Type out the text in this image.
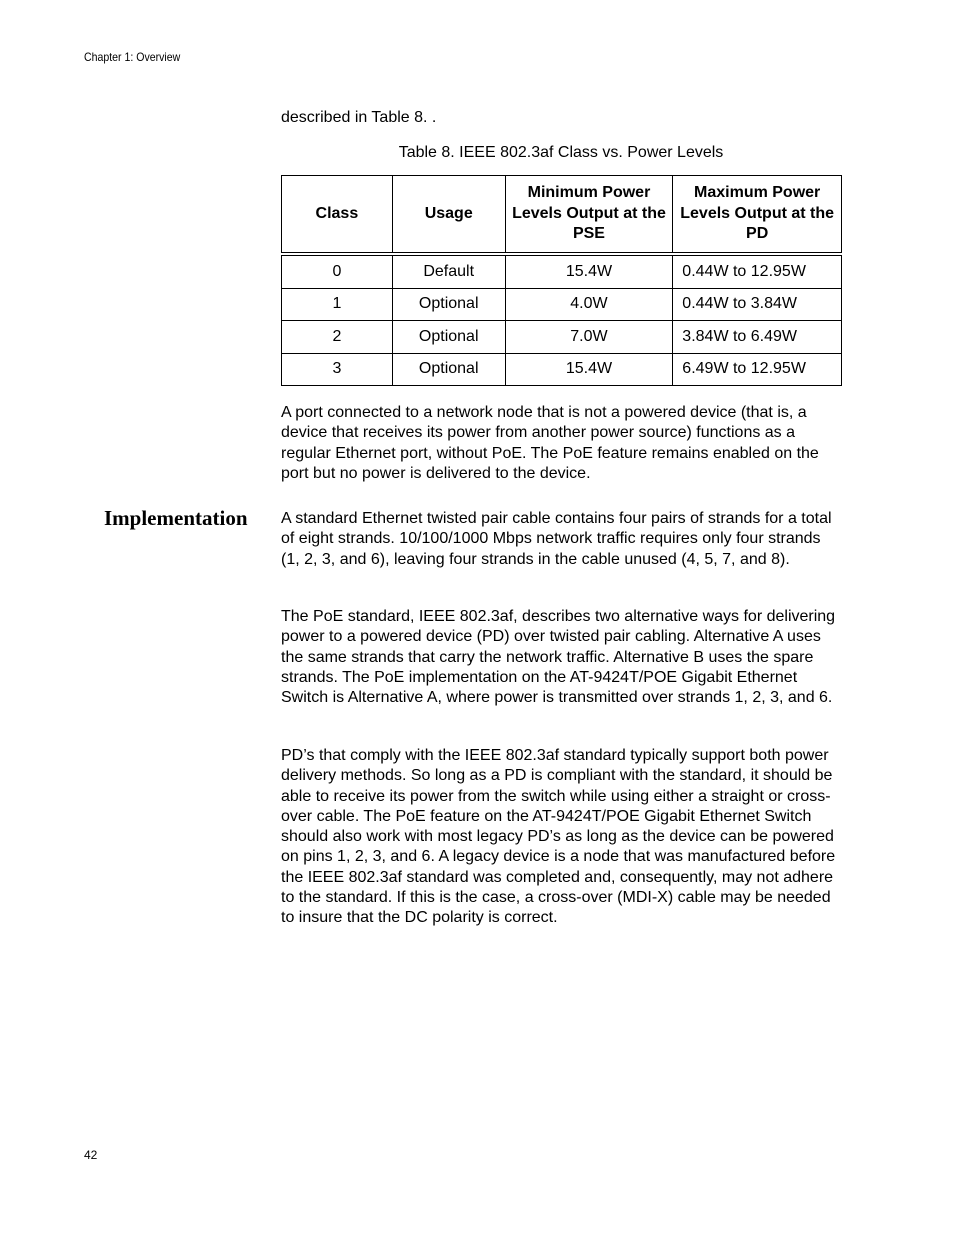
Chapter 1: Overview

described in Table 8. .

Table 8. IEEE 802.3af Class vs. Power Levels
Class	Usage	Minimum Power Levels Output at the PSE	Maximum Power Levels Output at the PD
0	Default	15.4W	0.44W to 12.95W
1	Optional	4.0W	0.44W to 3.84W
2	Optional	7.0W	3.84W to 6.49W
3	Optional	15.4W	6.49W to 12.95W

A port connected to a network node that is not a powered device (that is, a device that receives its power from another power source) functions as a regular Ethernet port, without PoE. The PoE feature remains enabled on the port but no power is delivered to the device.

Implementation A standard Ethernet twisted pair cable contains four pairs of strands for a total of eight strands. 10/100/1000 Mbps network traffic requires only four strands (1, 2, 3, and 6), leaving four strands in the cable unused (4, 5, 7, and 8).

The PoE standard, IEEE 802.3af, describes two alternative ways for delivering power to a powered device (PD) over twisted pair cabling. Alternative A uses the same strands that carry the network traffic. Alternative B uses the spare strands. The PoE implementation on the AT-9424T/POE Gigabit Ethernet Switch is Alternative A, where power is transmitted over strands 1, 2, 3, and 6.

PD’s that comply with the IEEE 802.3af standard typically support both power delivery methods. So long as a PD is compliant with the standard, it should be able to receive its power from the switch while using either a straight or cross-over cable. The PoE feature on the AT-9424T/POE Gigabit Ethernet Switch should also work with most legacy PD’s as long as the device can be powered on pins 1, 2, 3, and 6. A legacy device is a node that was manufactured before the IEEE 802.3af standard was completed and, consequently, may not adhere to the standard. If this is the case, a cross-over (MDI-X) cable may be needed to insure that the DC polarity is correct.

42
